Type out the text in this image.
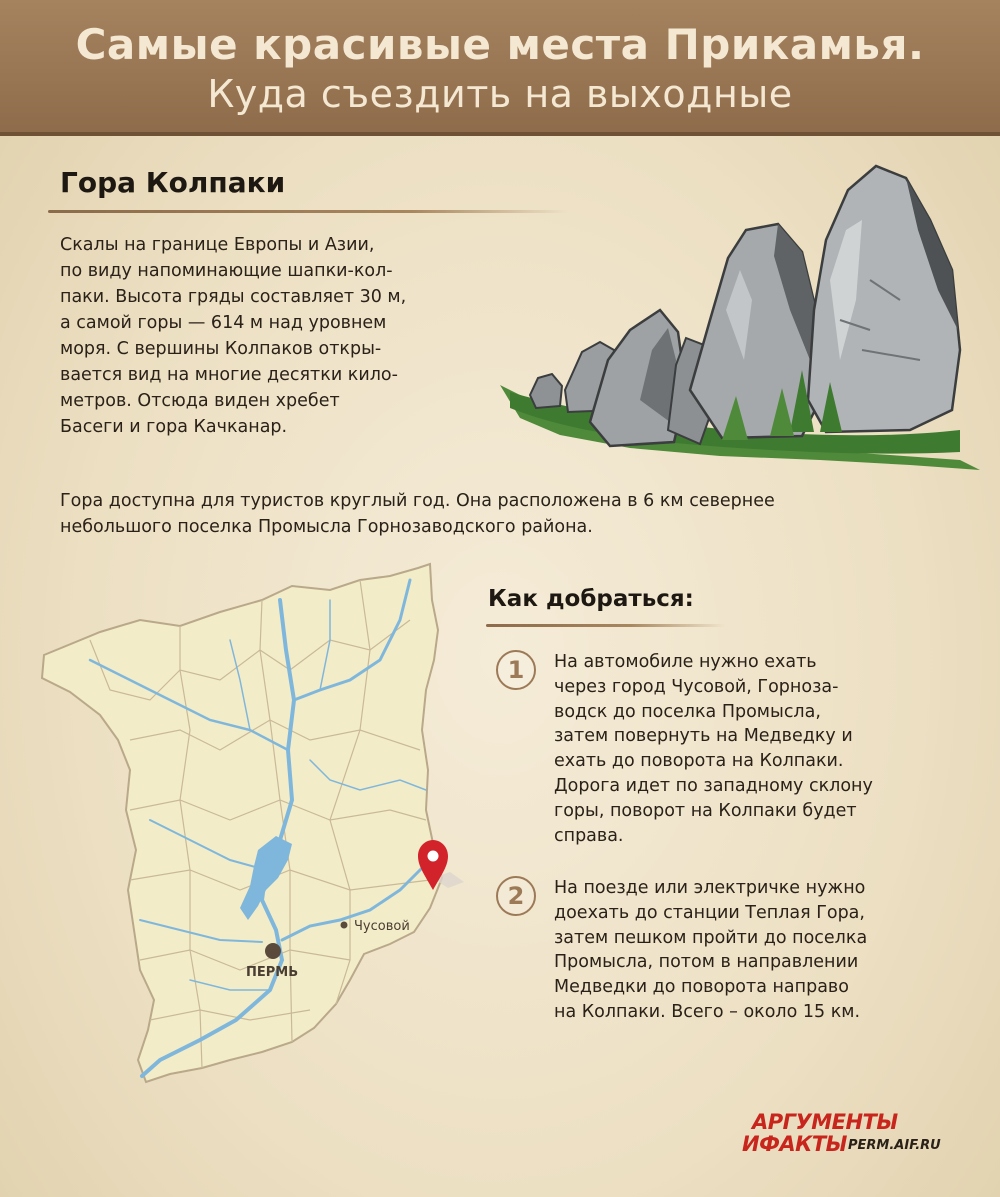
Самые красивые места Прикамья.
Куда съездить на выходные
Гора Колпаки
Скалы на границе Европы и Азии,
по виду напоминающие шапки-кол-
паки. Высота гряды составляет 30 м,
а самой горы — 614 м над уровнем
моря. С вершины Колпаков откры-
вается вид на многие десятки кило-
метров. Отсюда виден хребет
Басеги и гора Качканар.
Гора доступна для туристов круглый год. Она расположена в 6 км севернее
небольшого поселка Промысла Горнозаводского района.
ПЕРМЬ
Чусовой
Как добраться:
1	На автомобиле нужно ехать
через город Чусовой, Горноза-
водск до поселка Промысла,
затем повернуть на Медведку и
ехать до поворота на Колпаки.
Дорога идет по западному склону
горы, поворот на Колпаки будет
справа.
2	На поезде или электричке нужно
доехать до станции Теплая Гора,
затем пешком пройти до поселка
Промысла, потом в направлении
Медведки до поворота направо
на Колпаки. Всего – около 15 км.
АРГУМЕНТЫ
ИФАКТЫ PERM.AIF.RU
